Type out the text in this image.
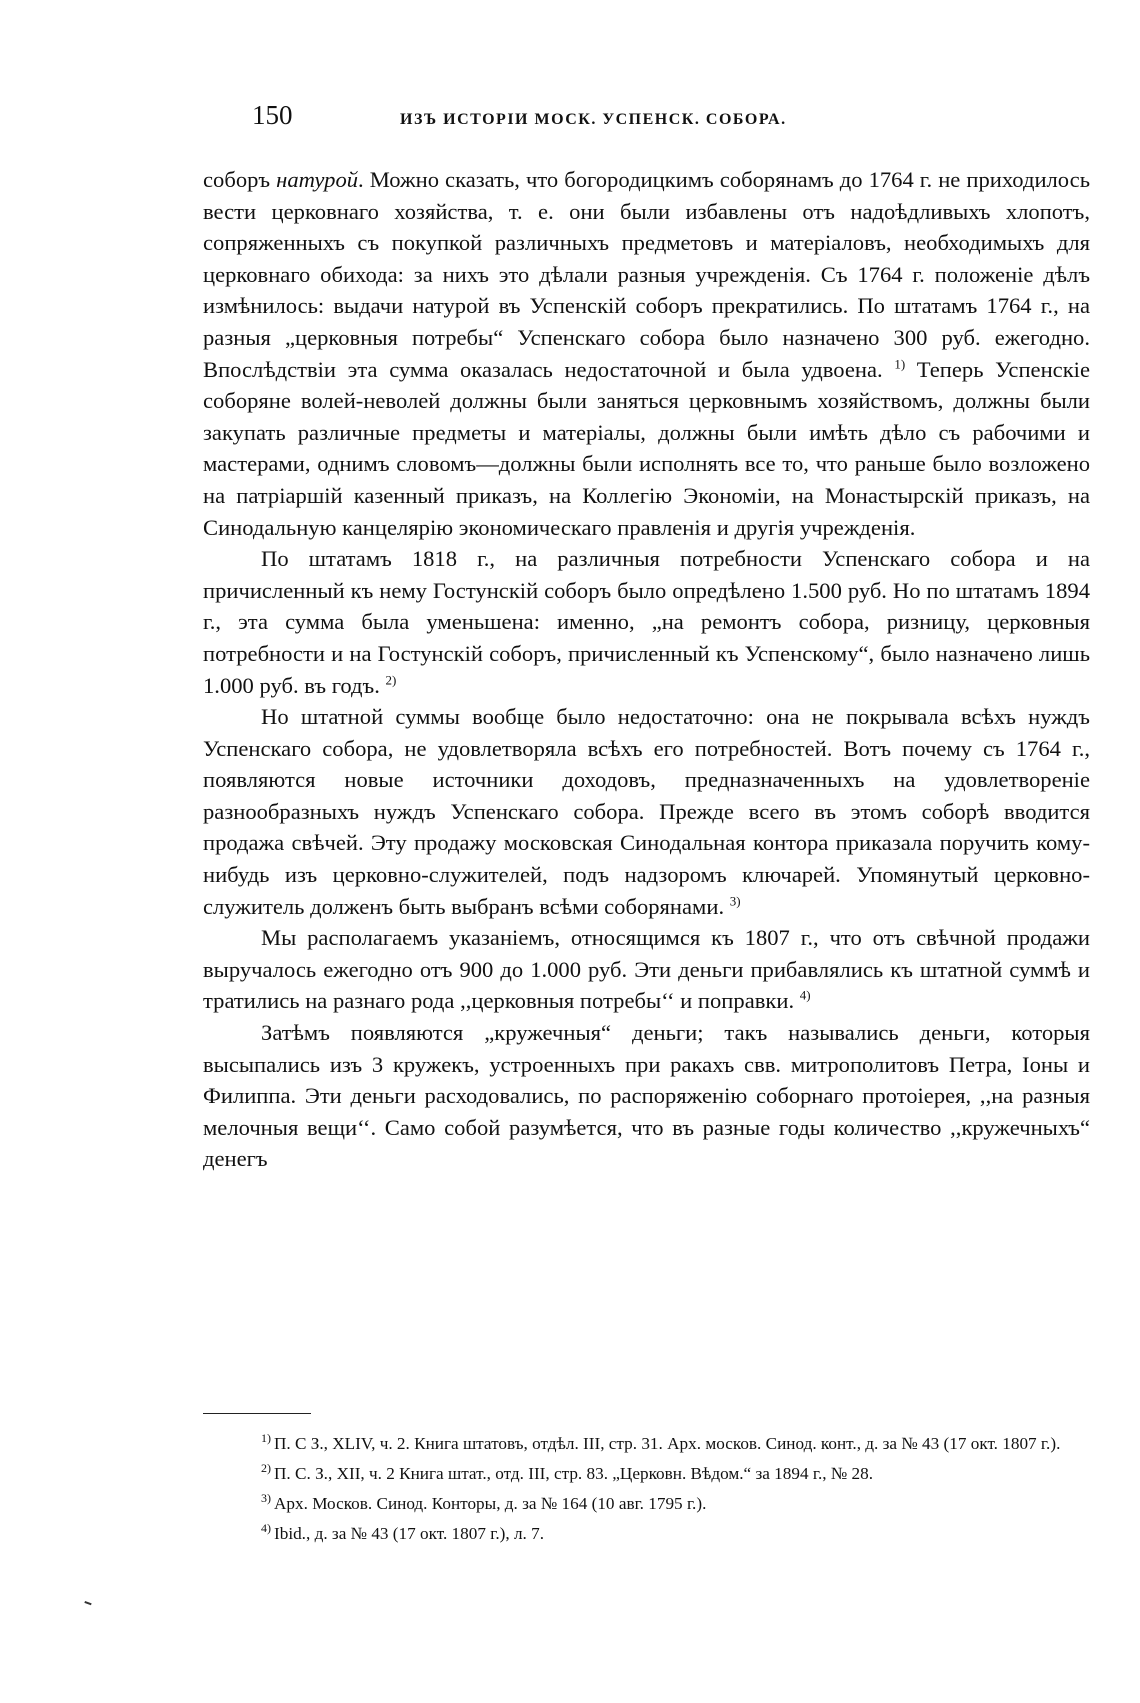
150	ИЗЪ ИСТОРІИ МОСК. УСПЕНСК. СОБОРА.

соборъ натурой. Можно сказать, что богородицкимъ соборянамъ до 1764 г. не приходилось вести церковнаго хозяйства, т. е. они были избавлены отъ надоѣдливыхъ хлопотъ, сопряженныхъ съ покупкой различныхъ предметовъ и матеріаловъ, необходимыхъ для церковнаго обихода: за нихъ это дѣлали разныя учрежденія. Съ 1764 г. положеніе дѣлъ измѣнилось: выдачи натурой въ Успенскій соборъ прекратились. По штатамъ 1764 г., на разныя „церковныя потребы“ Успенскаго собора было назначено 300 руб. ежегодно. Впослѣдствіи эта сумма оказалась недостаточной и была удвоена. $^{1)}$ Теперь Успенскіе соборяне волей-неволей должны были заняться церковнымъ хозяйствомъ, должны были закупать различные предметы и матеріалы, должны были имѣть дѣло съ рабочими и мастерами, однимъ словомъ—должны были исполнять все то, что раньше было возложено на патріаршій казенный приказъ, на Коллегію Экономіи, на Монастырскій приказъ, на Синодальную канцелярію экономическаго правленія и другія учрежденія.

По штатамъ 1818 г., на различныя потребности Успенскаго собора и на причисленный къ нему Гостунскій соборъ было опредѣлено 1.500 руб. Но по штатамъ 1894 г., эта сумма была уменьшена: именно, „на ремонтъ собора, ризницу, церковныя потребности и на Гостунскій соборъ, причисленный къ Успенскому“, было назначено лишь 1.000 руб. въ годъ. $^{2)}$

Но штатной суммы вообще было недостаточно: она не покрывала всѣхъ нуждъ Успенскаго собора, не удовлетворяла всѣхъ его потребностей. Вотъ почему съ 1764 г., появляются новые источники доходовъ, предназначенныхъ на удовлетвореніе разнообразныхъ нуждъ Успенскаго собора. Прежде всего въ этомъ соборѣ вводится продажа свѣчей. Эту продажу московская Синодальная контора приказала поручить кому-нибудь изъ церковно-служителей, подъ надзоромъ ключарей. Упомянутый церковно-служитель долженъ быть выбранъ всѣми соборянами. $^{3)}$

Мы располагаемъ указаніемъ, относящимся къ 1807 г., что отъ свѣчной продажи выручалось ежегодно отъ 900 до 1.000 руб. Эти деньги прибавлялись къ штатной суммѣ и тратились на разнаго рода ,,церковныя потребы‘‘ и поправки. $^{4)}$

Затѣмъ появляются „кружечныя“ деньги; такъ назывались деньги, которыя высыпались изъ 3 кружекъ, устроенныхъ при ракахъ свв. митрополитовъ Петра, Іоны и Филиппа. Эти деньги расходовались, по распоряженію соборнаго протоіерея, ,,на разныя мелочныя вещи‘‘. Само собой разумѣется, что въ разные годы количество ,,кружечныхъ“ денегъ

$^{1)}$ П. С З., XLIV, ч. 2. Книга штатовъ, отдѣл. III, стр. 31. Арх. москов. Синод. конт., д. за № 43 (17 окт. 1807 г.).

$^{2)}$ П. С. З., XII, ч. 2 Книга штат., отд. III, стр. 83. „Церковн. Вѣдом.“ за 1894 г., № 28.

$^{3)}$ Арх. Москов. Синод. Конторы, д. за № 164 (10 авг. 1795 г.).

$^{4)}$ Ibid., д. за № 43 (17 окт. 1807 г.), л. 7.
